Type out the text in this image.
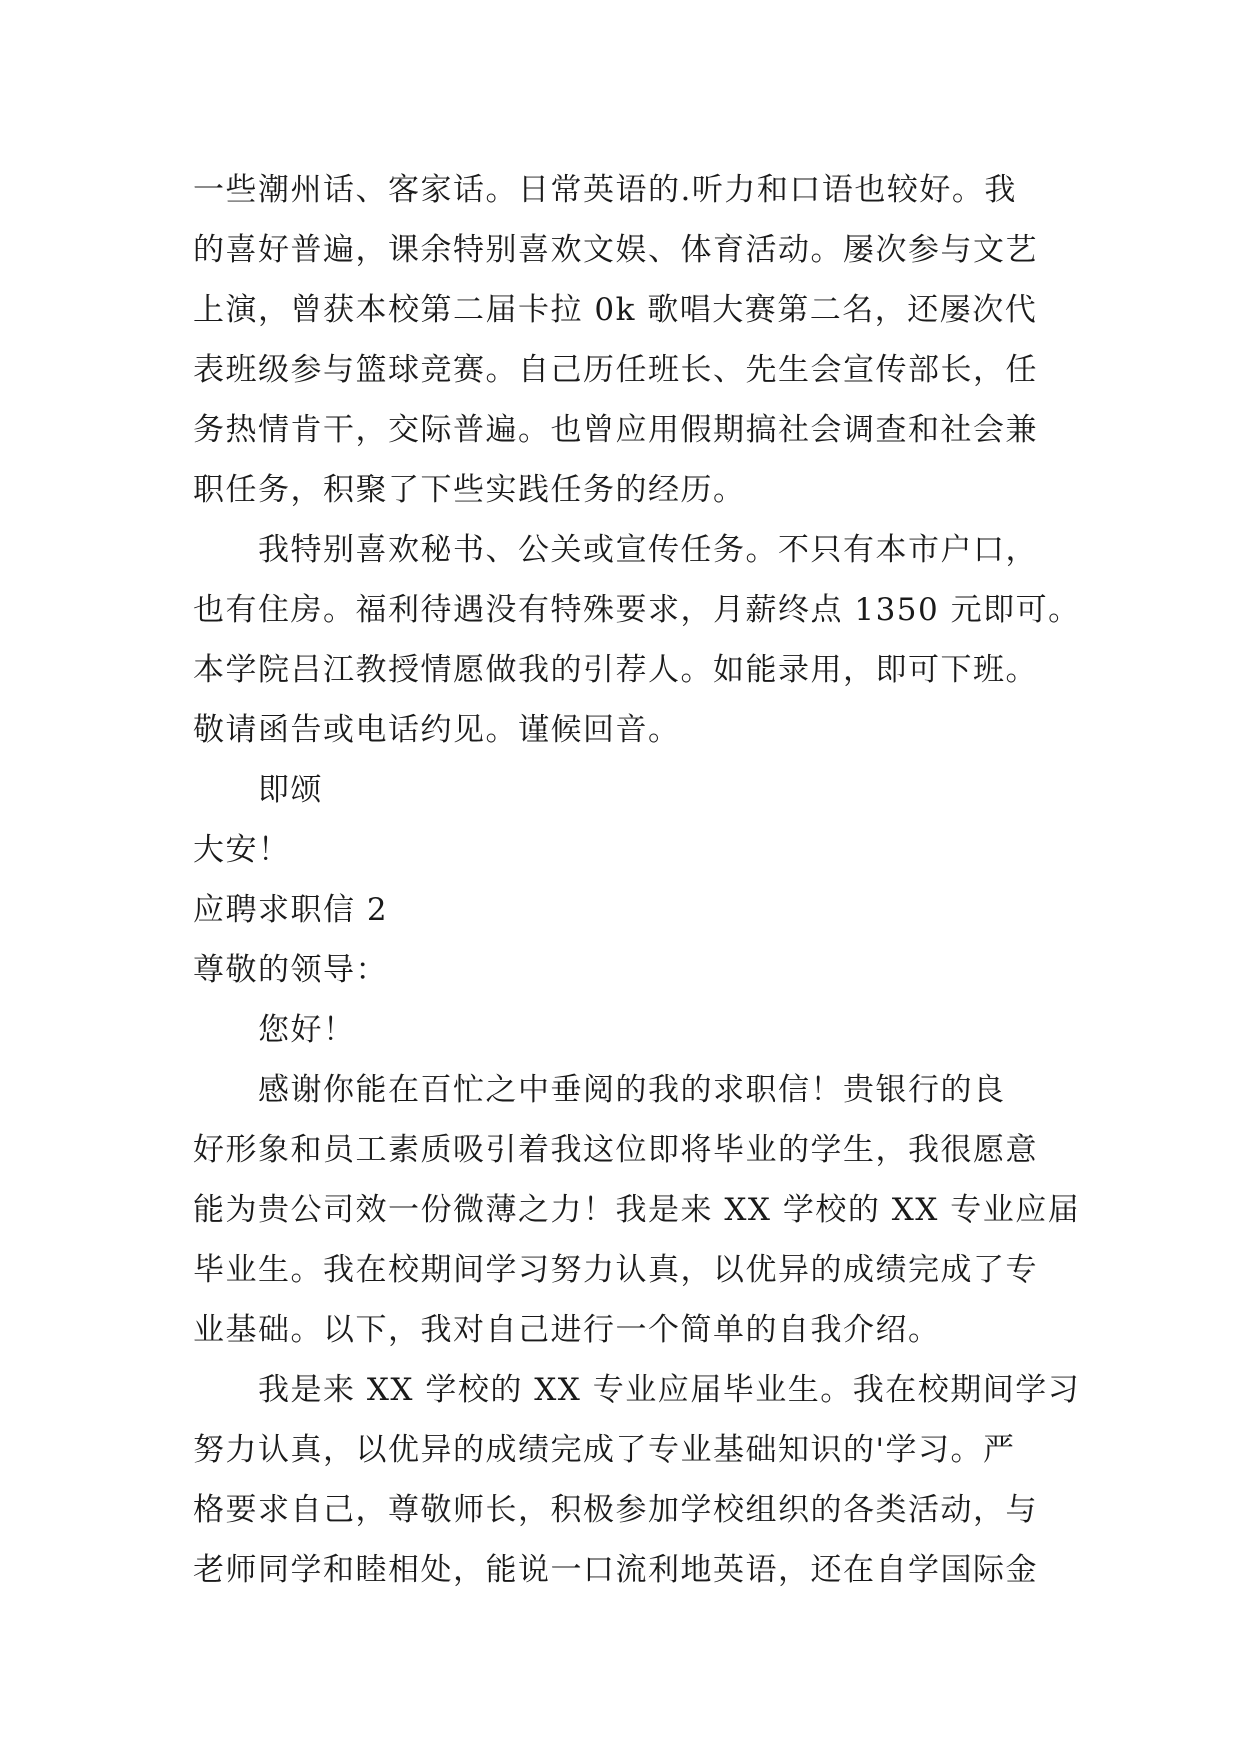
一些潮州话、客家话。日常英语的.听力和口语也较好。我
的喜好普遍，课余特别喜欢文娱、体育活动。屡次参与文艺
上演，曾获本校第二届卡拉 0k 歌唱大赛第二名，还屡次代
表班级参与篮球竞赛。自己历任班长、先生会宣传部长，任
务热情肯干，交际普遍。也曾应用假期搞社会调查和社会兼
职任务，积聚了下些实践任务的经历。
我特别喜欢秘书、公关或宣传任务。不只有本市户口，
也有住房。福利待遇没有特殊要求，月薪终点 1350 元即可。
本学院吕江教授情愿做我的引荐人。如能录用，即可下班。
敬请函告或电话约见。谨候回音。
即颂
大安！
应聘求职信 2
尊敬的领导：
您好！
感谢你能在百忙之中垂阅的我的求职信！贵银行的良
好形象和员工素质吸引着我这位即将毕业的学生，我很愿意
能为贵公司效一份微薄之力！我是来 XX 学校的 XX 专业应届
毕业生。我在校期间学习努力认真，以优异的成绩完成了专
业基础。以下，我对自己进行一个简单的自我介绍。
我是来 XX 学校的 XX 专业应届毕业生。我在校期间学习
努力认真，以优异的成绩完成了专业基础知识的'学习。严
格要求自己，尊敬师长，积极参加学校组织的各类活动，与
老师同学和睦相处，能说一口流利地英语，还在自学国际金
